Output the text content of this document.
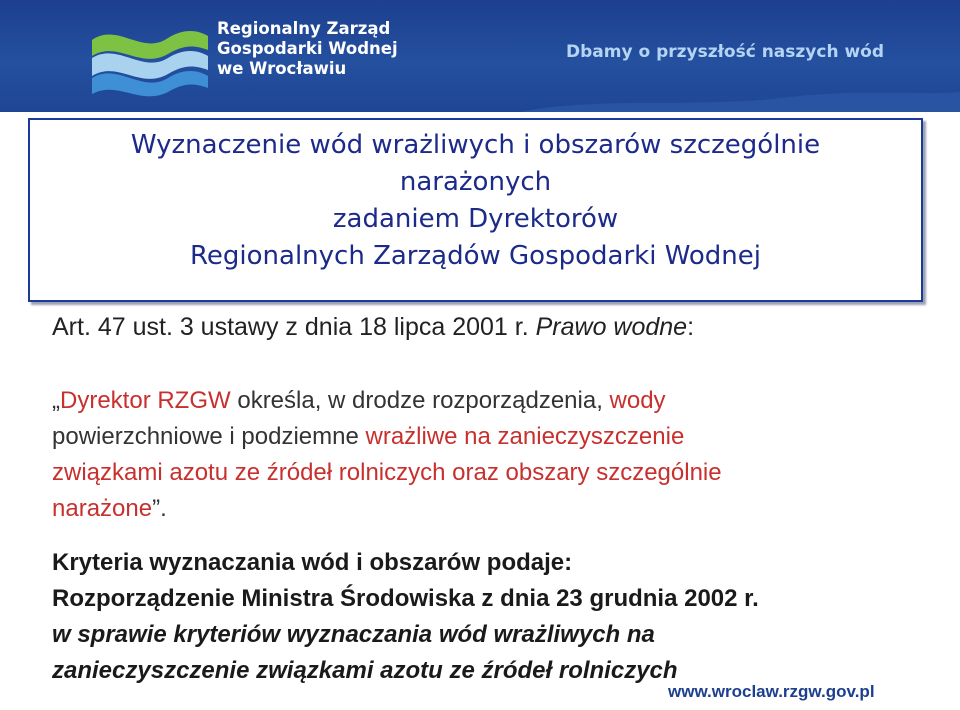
Regionalny Zarząd
Gospodarki Wodnej
we Wrocławiu
Dbamy o przyszłość naszych wód
Wyznaczenie wód wrażliwych i obszarów szczególnie
narażonych
zadaniem Dyrektorów
Regionalnych Zarządów Gospodarki Wodnej
Art. 47 ust. 3 ustawy z dnia 18 lipca 2001 r. Prawo wodne:
„Dyrektor RZGW określa, w drodze rozporządzenia, wody
powierzchniowe i podziemne wrażliwe na zanieczyszczenie
związkami azotu ze źródeł rolniczych oraz obszary szczególnie
narażone”.
Kryteria wyznaczania wód i obszarów podaje:
Rozporządzenie Ministra Środowiska z dnia 23 grudnia 2002 r.
w sprawie kryteriów wyznaczania wód wrażliwych na
zanieczyszczenie związkami azotu ze źródeł rolniczych
www.wroclaw.rzgw.gov.pl
